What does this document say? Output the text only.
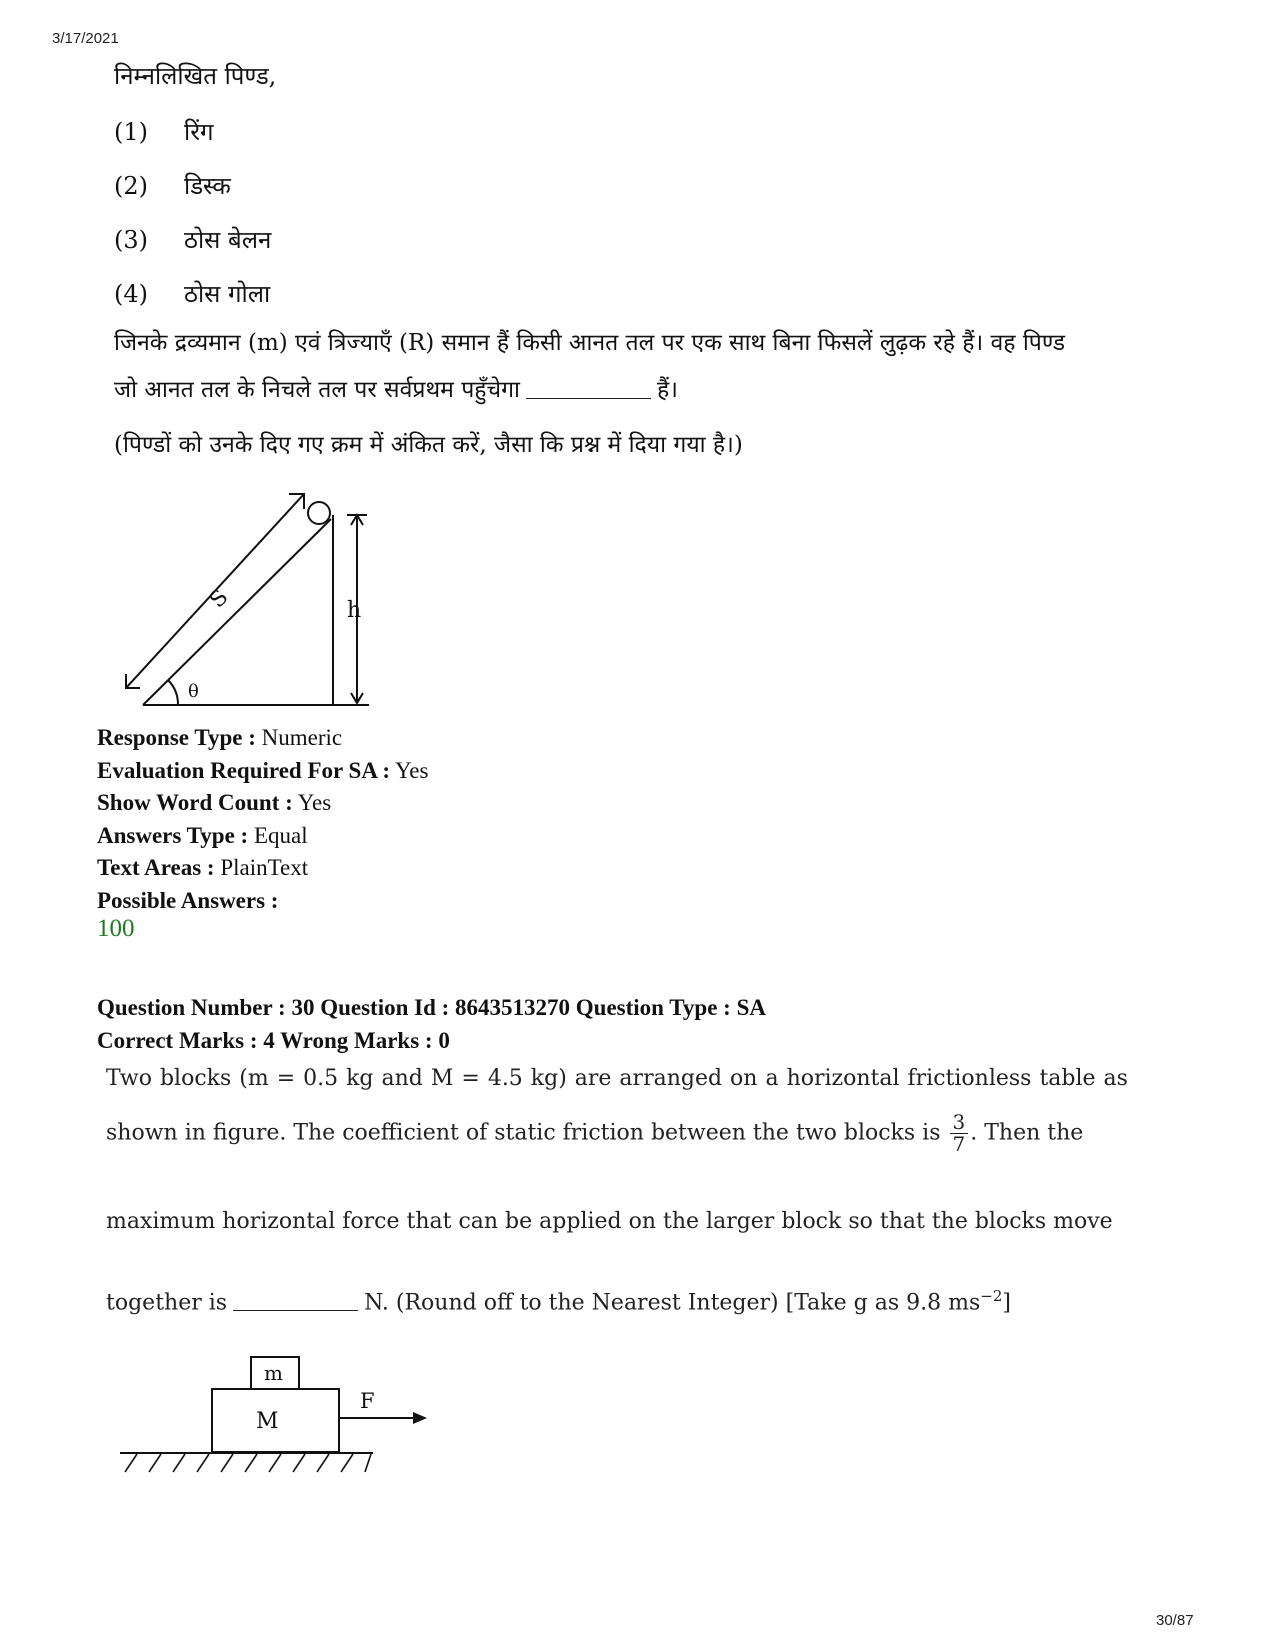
3/17/2021
30/87
निम्नलिखित पिण्ड,
(1) रिंग
(2) डिस्क
(3) ठोस बेलन
(4) ठोस गोला
जिनके द्रव्यमान (m) एवं त्रिज्याएँ (R) समान हैं किसी आनत तल पर एक साथ बिना फिसलें लुढ़क रहे हैं। वह पिण्ड
जो आनत तल के निचले तल पर सर्वप्रथम पहुँचेगा	हैं।
(पिण्डों को उनके दिए गए क्रम में अंकित करें, जैसा कि प्रश्न में दिया गया है।)
S	h
θ
Response Type : Numeric
Evaluation Required For SA : Yes
Show Word Count : Yes
Answers Type : Equal
Text Areas : PlainText
Possible Answers :
100
Question Number : 30 Question Id : 8643513270 Question Type : SA
Correct Marks : 4 Wrong Marks : 0
Two blocks (m = 0.5 kg and M = 4.5 kg) are arranged on a horizontal frictionless table as
shown in figure. The coefficient of static friction between the two blocks is $\frac{3}{7}$ . Then the
maximum horizontal force that can be applied on the larger block so that the blocks move
together is	N. (Round off to the Nearest Integer) [Take g as 9.8 $ms^{-2}$]
m
M
F
